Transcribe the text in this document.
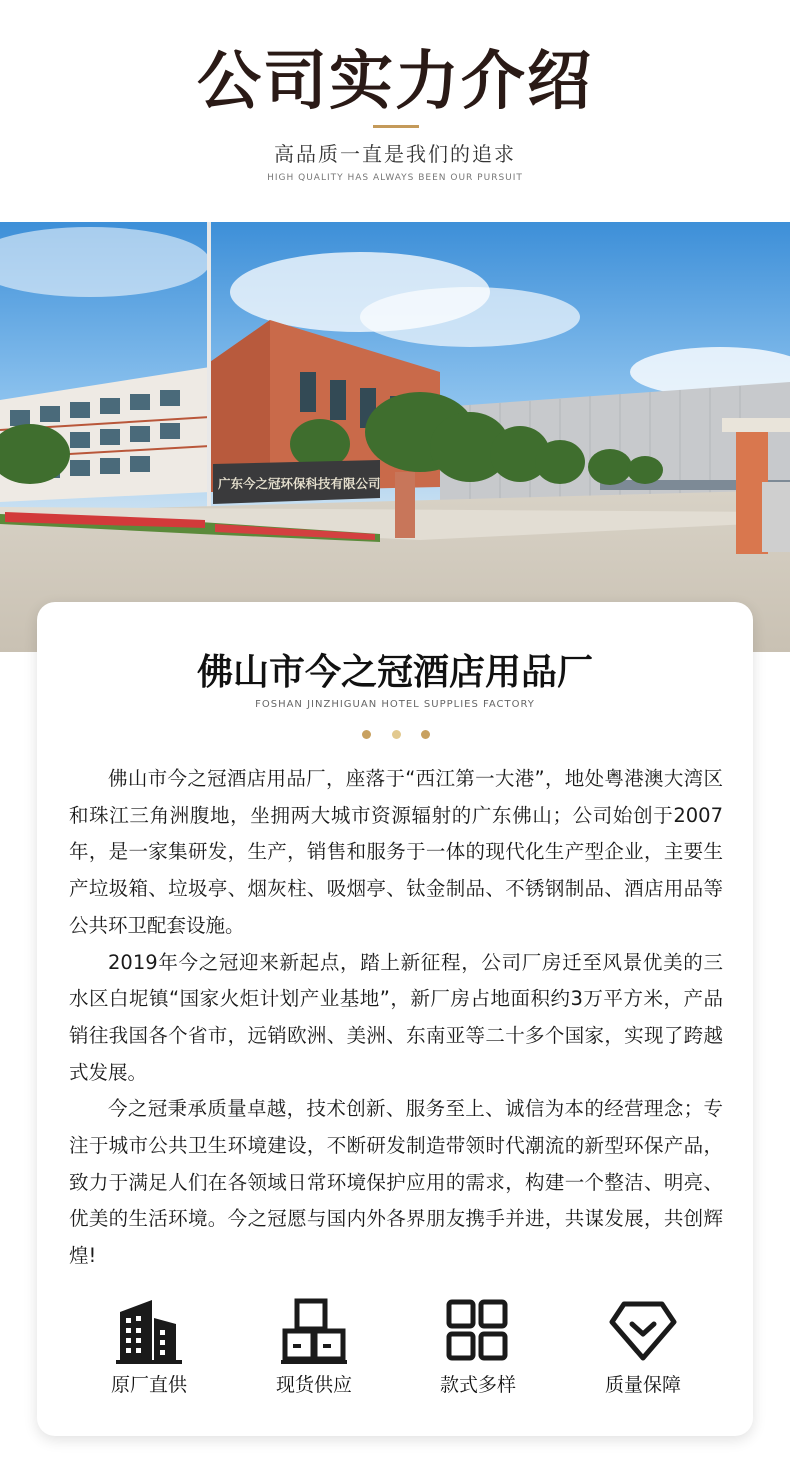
公司实力介绍
高品质一直是我们的追求
HIGH QUALITY HAS ALWAYS BEEN OUR PURSUIT
广东今之冠环保科技有限公司
佛山市今之冠酒店用品厂
FOSHAN JINZHIGUAN HOTEL SUPPLIES FACTORY

佛山市今之冠酒店用品厂，座落于“西江第一大港”，地处粤港澳大湾区和珠江三角洲腹地，坐拥两大城市资源辐射的广东佛山；公司始创于2007年，是一家集研发，生产，销售和服务于一体的现代化生产型企业，主要生产垃圾箱、垃圾亭、烟灰柱、吸烟亭、钛金制品、不锈钢制品、酒店用品等公共环卫配套设施。

2019年今之冠迎来新起点，踏上新征程，公司厂房迁至风景优美的三水区白坭镇“国家火炬计划产业基地”，新厂房占地面积约3万平方米，产品销往我国各个省市，远销欧洲、美洲、东南亚等二十多个国家，实现了跨越式发展。

今之冠秉承质量卓越，技术创新、服务至上、诚信为本的经营理念；专注于城市公共卫生环境建设，不断研发制造带领时代潮流的新型环保产品，致力于满足人们在各领域日常环境保护应用的需求，构建一个整洁、明亮、优美的生活环境。今之冠愿与国内外各界朋友携手并进，共谋发展，共创辉煌!

原厂直供	现货供应	款式多样	质量保障
